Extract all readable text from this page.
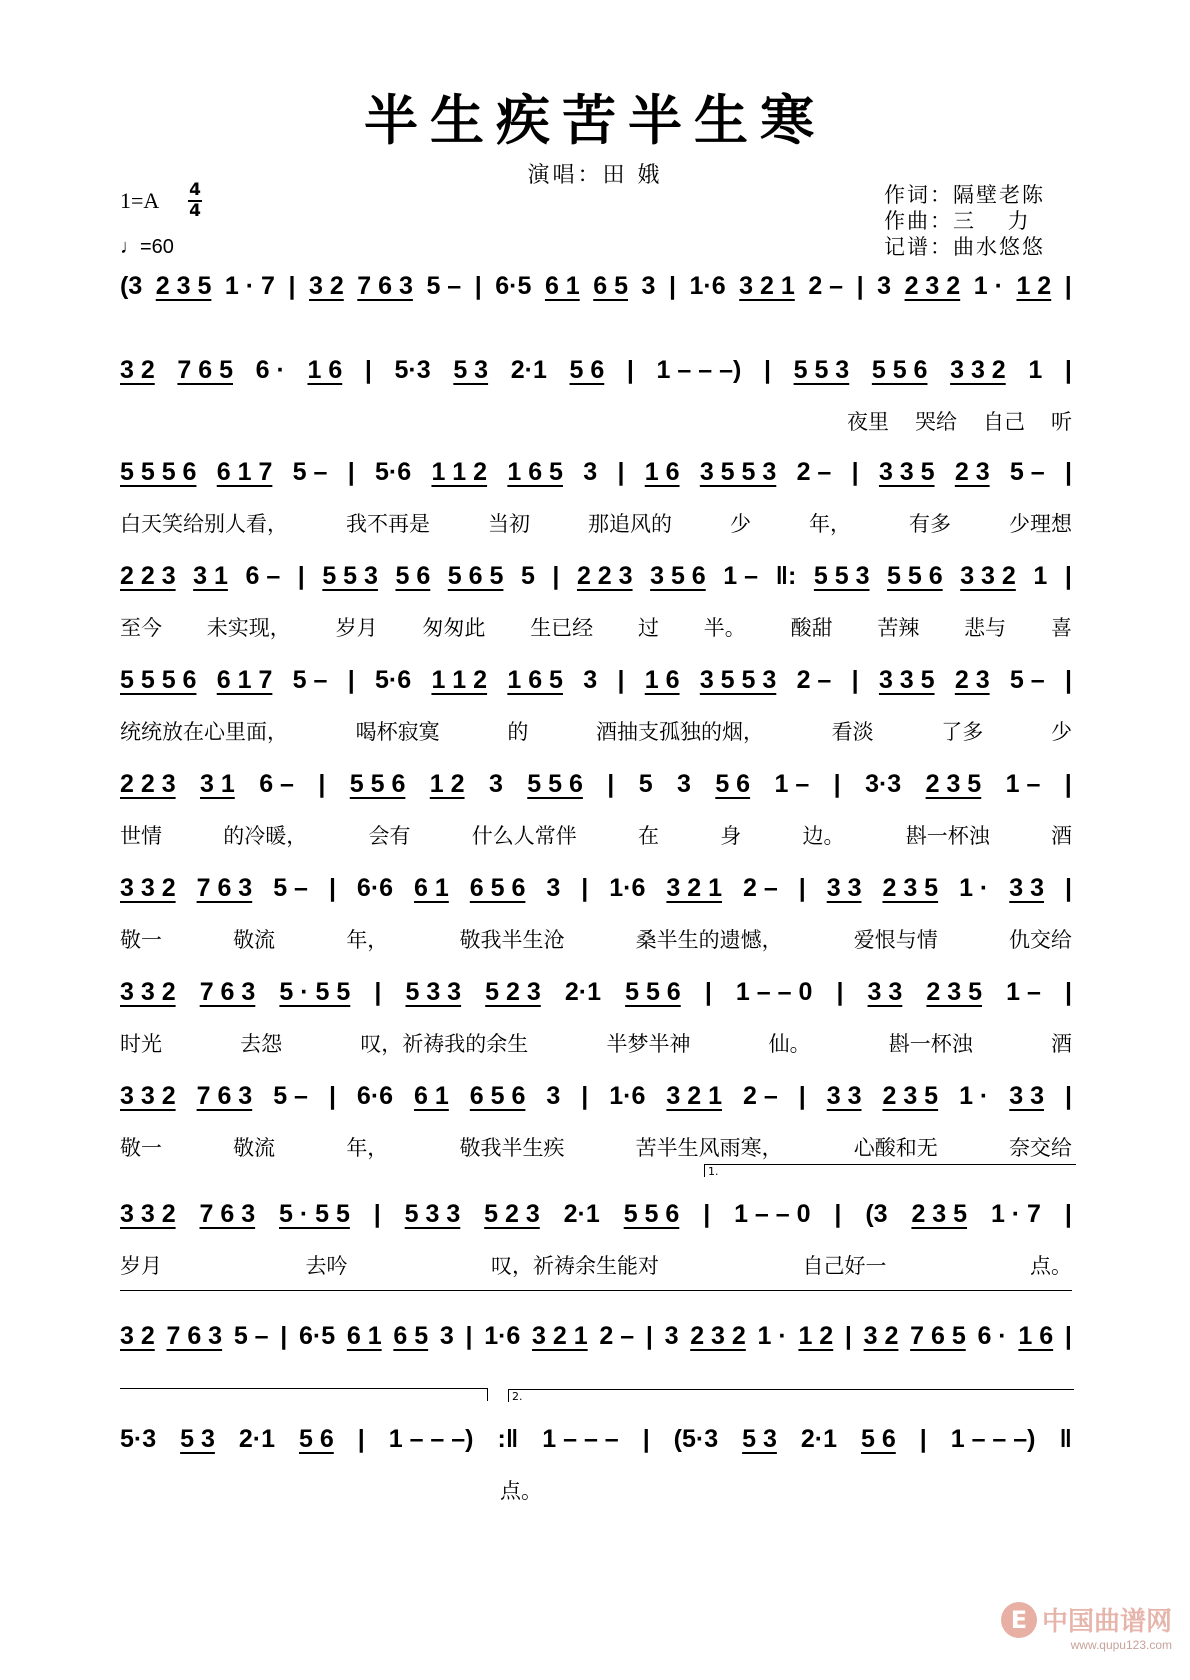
半生疾苦半生寒
演唱：田 娥
1=A 4
4
♩=60
作词：隔壁老陈
作曲：三　 力
记谱：曲水悠悠
(3 2 3 5 1 · 7 | 3 2 7 6 3 5 – | 6·5 6 1 6 5 3 | 1·6 3 2 1 2 – | 3 2 3 2 1 · 1 2 |
3 2 7 6 5 6 · 1 6 | 5·3 5 3 2·1 5 6 | 1 – – –) | 5 5 3 5 5 6 3 3 2 1 |
夜里 哭给 自己 听
5 5 5 6 6 1 7 5 – | 5·6 1 1 2 1 6 5 3 | 1 6 3 5 5 3 2 – | 3 3 5 2 3 5 – |
白天笑给别人看，	我不再是	当初	那追风的	少	年，	有多	少理想
2 2 3 3 1 6 – | 5 5 3 5 6 5 6 5 5 | 2 2 3 3 5 6 1 – ‖: 5 5 3 5 5 6 3 3 2 1 |
至今 未实现， 岁月 匆匆此 生已经 过 半。 酸甜 苦辣 悲与 喜
5 5 5 6 6 1 7 5 – | 5·6 1 1 2 1 6 5 3 | 1 6 3 5 5 3 2 – | 3 3 5 2 3 5 – |
统统放在心里面，	喝杯寂寞	的	酒抽支孤独的烟，	看淡	了多	少
2 2 3 3 1 6 – | 5 5 6 1 2 3 5 5 6 | 5 3 5 6 1 – | 3·3 2 3 5 1 – |
世情	的冷暖，	会有	什么人常伴	在	身	边。	斟一杯浊	酒
3 3 2 7 6 3 5 – | 6·6 6 1 6 5 6 3 | 1·6 3 2 1 2 – | 3 3 2 3 5 1 · 3 3 |
敬一	敬流	年，	敬我半生沧	桑半生的遗憾，	爱恨与情	仇交给
3 3 2 7 6 3 5 · 5 5 | 5 3 3 5 2 3 2·1 5 5 6 | 1 – – 0 | 3 3 2 3 5 1 – |
时光	去怨	叹，祈祷我的余生	半梦半神	仙。	斟一杯浊	酒
3 3 2 7 6 3 5 – | 6·6 6 1 6 5 6 3 | 1·6 3 2 1 2 – | 3 3 2 3 5 1 · 3 3 |
敬一	敬流	年，	敬我半生疾	苦半生风雨寒，	心酸和无	奈交给
3 3 2 7 6 3 5 · 5 5 | 5 3 3 5 2 3 2·1 5 5 6 | 1 – – 0 | (3 2 3 5 1 · 7 |
岁月	去吟	叹，祈祷余生能对	自己好一	点。
1.
3 2 7 6 3 5 – | 6·5 6 1 6 5 3 | 1·6 3 2 1 2 – | 3 2 3 2 1 · 1 2 | 3 2 7 6 5 6 · 1 6 |
5·3 5 3 2·1 5 6 | 1 – – –) :‖ 1 – – – | (5·3 5 3 2·1 5 6 | 1 – – –) ‖
点。
2.
E 中国曲谱网
www.qupu123.com
